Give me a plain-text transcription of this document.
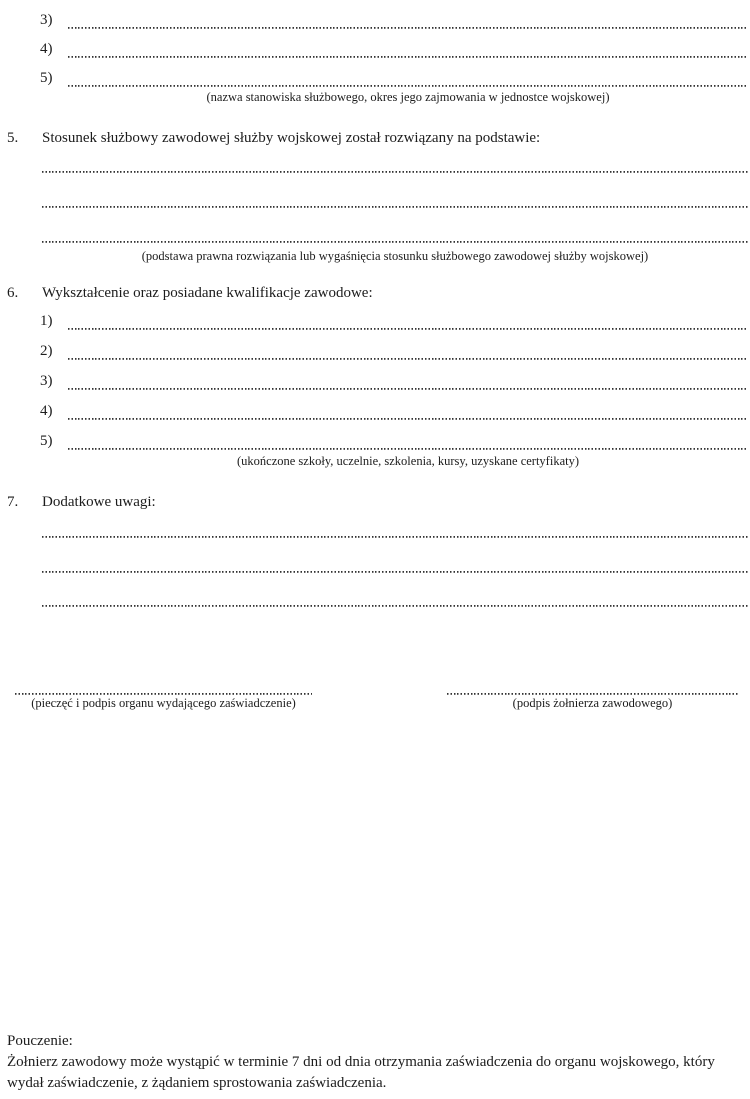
3)
4)
5)
(nazwa stanowiska służbowego, okres jego zajmowania w jednostce wojskowej)
5.	Stosunek służbowy zawodowej służby wojskowej został rozwiązany na podstawie:
(podstawa prawna rozwiązania lub wygaśnięcia stosunku służbowego zawodowej służby wojskowej)
6.	Wykształcenie oraz posiadane kwalifikacje zawodowe:
1)
2)
3)
4)
5)
(ukończone szkoły, uczelnie, szkolenia, kursy, uzyskane certyfikaty)
7.	Dodatkowe uwagi:
(pieczęć i podpis organu wydającego zaświadczenie)	(podpis żołnierza zawodowego)
Pouczenie:
Żołnierz zawodowy może wystąpić w terminie 7 dni od dnia otrzymania zaświadczenia do organu wojskowego, który wydał zaświadczenie, z żądaniem sprostowania zaświadczenia.
